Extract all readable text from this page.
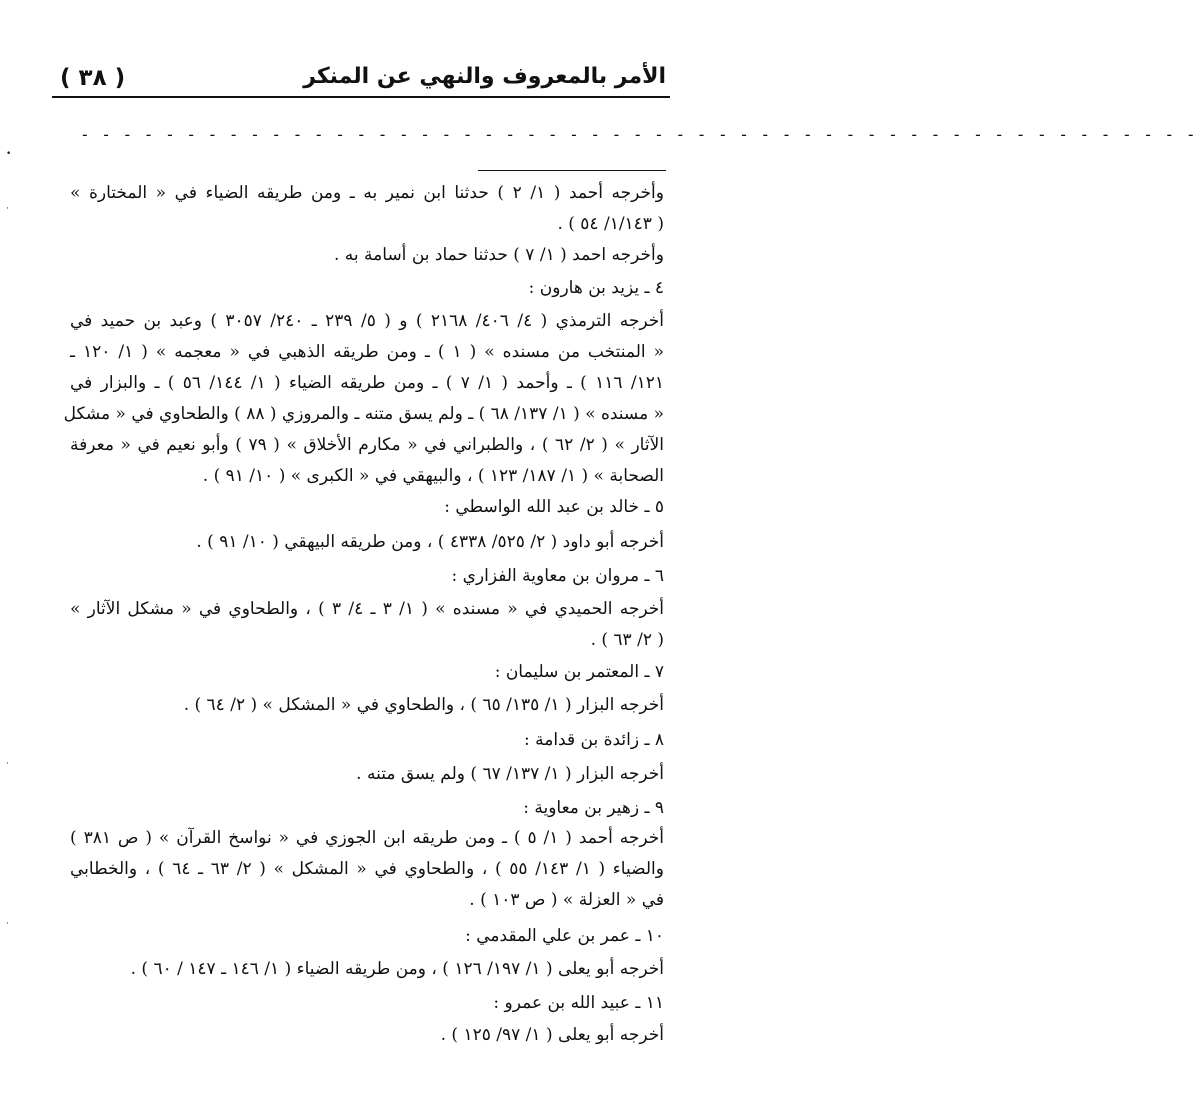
( ٣٨ )	الأمر بالمعروف والنهي عن المنكر
- - - - - - - - - - - - - - - - - - - - - - - - - - - - - - - - - - - - - - - - - - - - - - - - - - - - -
•
·
·
·
وأخرجه أحمد ( ١/ ٢ ) حدثنا ابن نمير به ـ ومن طريقه الضياء في « المختارة »
( ١/١٤٣/ ٥٤ ) .
وأخرجه احمد ( ١/ ٧ ) حدثنا حماد بن أسامة به .
٤ ـ يزيد بن هارون :
أخرجه الترمذي ( ٤/ ٤٠٦/ ٢١٦٨ ) و ( ٥/ ٢٣٩ ـ ٢٤٠/ ٣٠٥٧ ) وعبد بن حميد في
« المنتخب من مسنده » ( ١ ) ـ ومن طريقه الذهبي في « معجمه » ( ١/ ١٢٠ ـ
١٢١/ ١١٦ ) ـ وأحمد ( ١/ ٧ ) ـ ومن طريقه الضياء ( ١/ ١٤٤/ ٥٦ ) ـ والبزار في
« مسنده » ( ١/ ١٣٧/ ٦٨ ) ـ ولم يسق متنه ـ والمروزي ( ٨٨ ) والطحاوي في « مشكل
الآثار » ( ٢/ ٦٢ ) ، والطبراني في « مكارم الأخلاق » ( ٧٩ ) وأبو نعيم في « معرفة
الصحابة » ( ١/ ١٨٧/ ١٢٣ ) ، والبيهقي في « الكبرى » ( ١٠/ ٩١ ) .
٥ ـ خالد بن عبد الله الواسطي :
أخرجه أبو داود ( ٢/ ٥٢٥/ ٤٣٣٨ ) ، ومن طريقه البيهقي ( ١٠/ ٩١ ) .
٦ ـ مروان بن معاوية الفزاري :
أخرجه الحميدي في « مسنده » ( ١/ ٣ ـ ٤/ ٣ ) ، والطحاوي في « مشكل الآثار »
( ٢/ ٦٣ ) .
٧ ـ المعتمر بن سليمان :
أخرجه البزار ( ١/ ١٣٥/ ٦٥ ) ، والطحاوي في « المشكل » ( ٢/ ٦٤ ) .
٨ ـ زائدة بن قدامة :
أخرجه البزار ( ١/ ١٣٧/ ٦٧ ) ولم يسق متنه .
٩ ـ زهير بن معاوية :
أخرجه أحمد ( ١/ ٥ ) ـ ومن طريقه ابن الجوزي في « نواسخ القرآن » ( ص ٣٨١ )
والضياء ( ١/ ١٤٣/ ٥٥ ) ، والطحاوي في « المشكل » ( ٢/ ٦٣ ـ ٦٤ ) ، والخطابي
في « العزلة » ( ص ١٠٣ ) .
١٠ ـ عمر بن علي المقدمي :
أخرجه أبو يعلى ( ١/ ١٩٧/ ١٢٦ ) ، ومن طريقه الضياء ( ١/ ١٤٦ ـ ١٤٧ / ٦٠ ) .
١١ ـ عبيد الله بن عمرو :
أخرجه أبو يعلى ( ١/ ٩٧/ ١٢٥ ) .
